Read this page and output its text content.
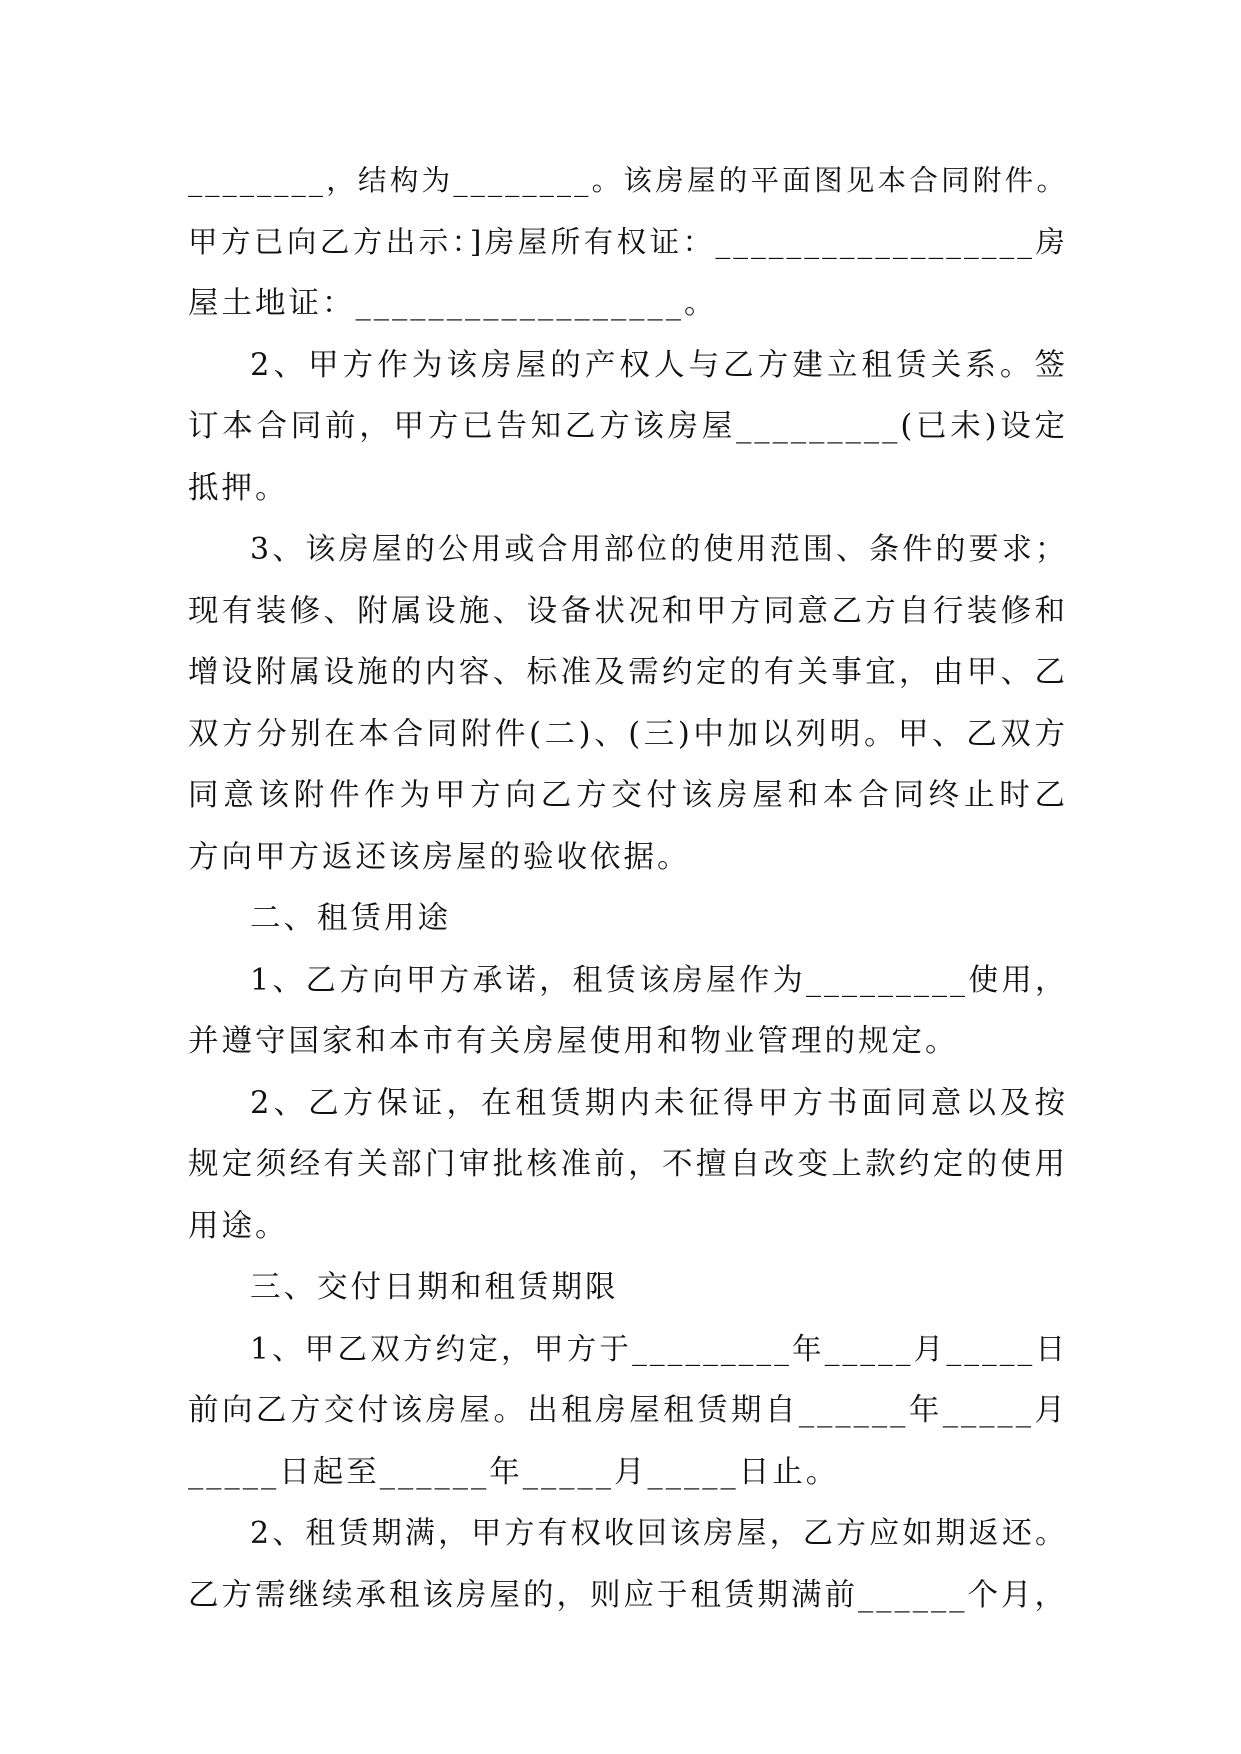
________，结构为________。该房屋的平面图见本合同附件。
甲方已向乙方出示：]房屋所有权证：__________________房
屋土地证：__________________。
2、甲方作为该房屋的产权人与乙方建立租赁关系。签
订本合同前，甲方已告知乙方该房屋_________(已未)设定
抵押。
3、该房屋的公用或合用部位的使用范围、条件的要求；
现有装修、附属设施、设备状况和甲方同意乙方自行装修和
增设附属设施的内容、标准及需约定的有关事宜，由甲、乙
双方分别在本合同附件(二)、(三)中加以列明。甲、乙双方
同意该附件作为甲方向乙方交付该房屋和本合同终止时乙
方向甲方返还该房屋的验收依据。
二、租赁用途
1、乙方向甲方承诺，租赁该房屋作为_________使用，
并遵守国家和本市有关房屋使用和物业管理的规定。
2、乙方保证，在租赁期内未征得甲方书面同意以及按
规定须经有关部门审批核准前，不擅自改变上款约定的使用
用途。
三、交付日期和租赁期限
1、甲乙双方约定，甲方于_________年_____月_____日
前向乙方交付该房屋。出租房屋租赁期自______年_____月
_____日起至______年_____月_____日止。
2、租赁期满，甲方有权收回该房屋，乙方应如期返还。
乙方需继续承租该房屋的，则应于租赁期满前______个月，
